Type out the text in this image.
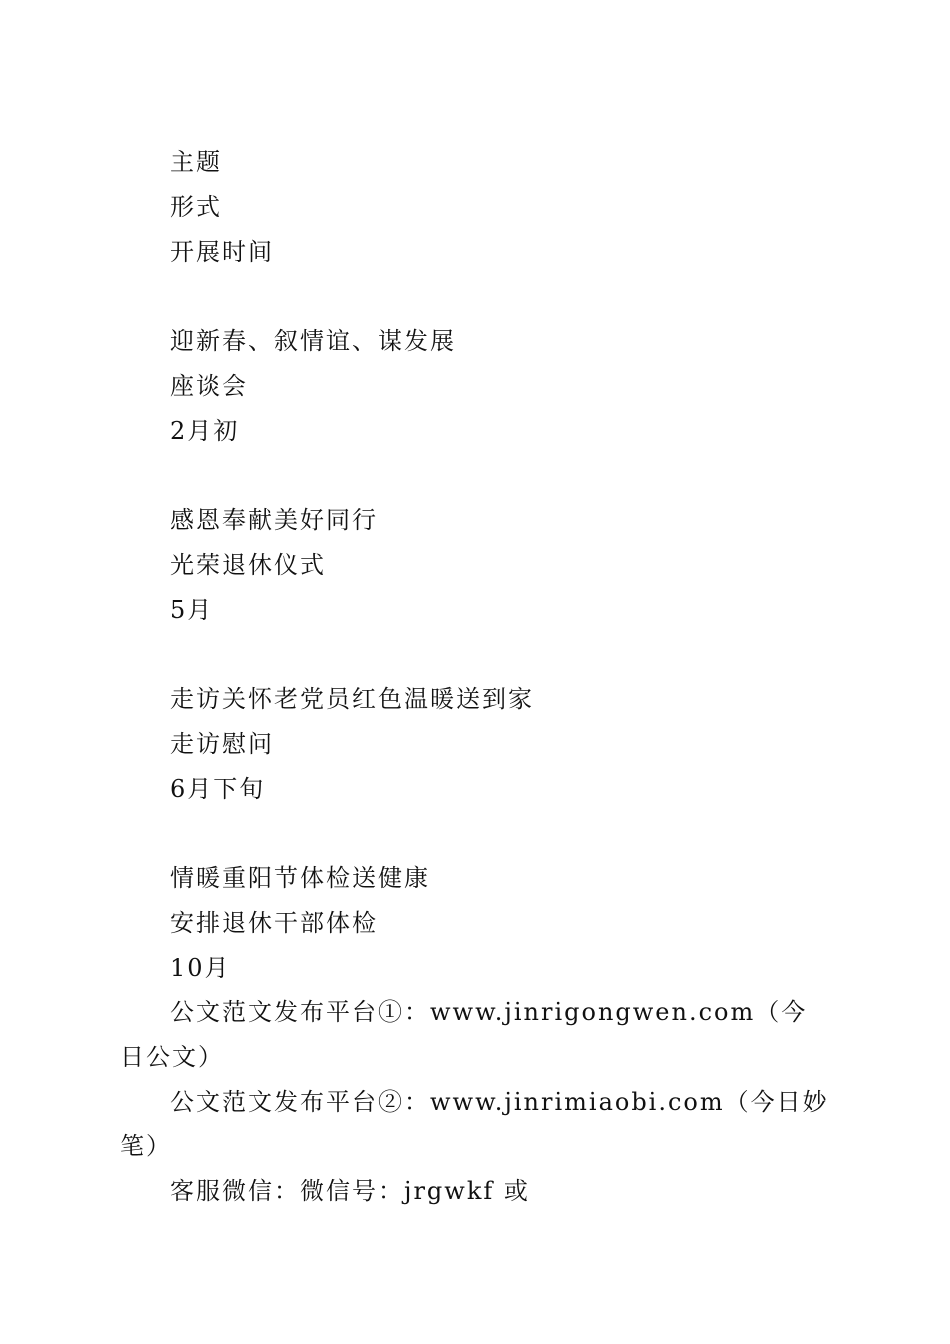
主题
形式
开展时间
迎新春、叙情谊、谋发展
座谈会
2月初
感恩奉献美好同行
光荣退休仪式
5月
走访关怀老党员红色温暖送到家
走访慰问
6月下旬
情暖重阳节体检送健康
安排退休干部体检
10月

公文范文发布平台①：www.jinrigongwen.com（今日公文）

公文范文发布平台②：www.jinrimiaobi.com（今日妙笔）

客服微信：微信号：jrgwkf 或
